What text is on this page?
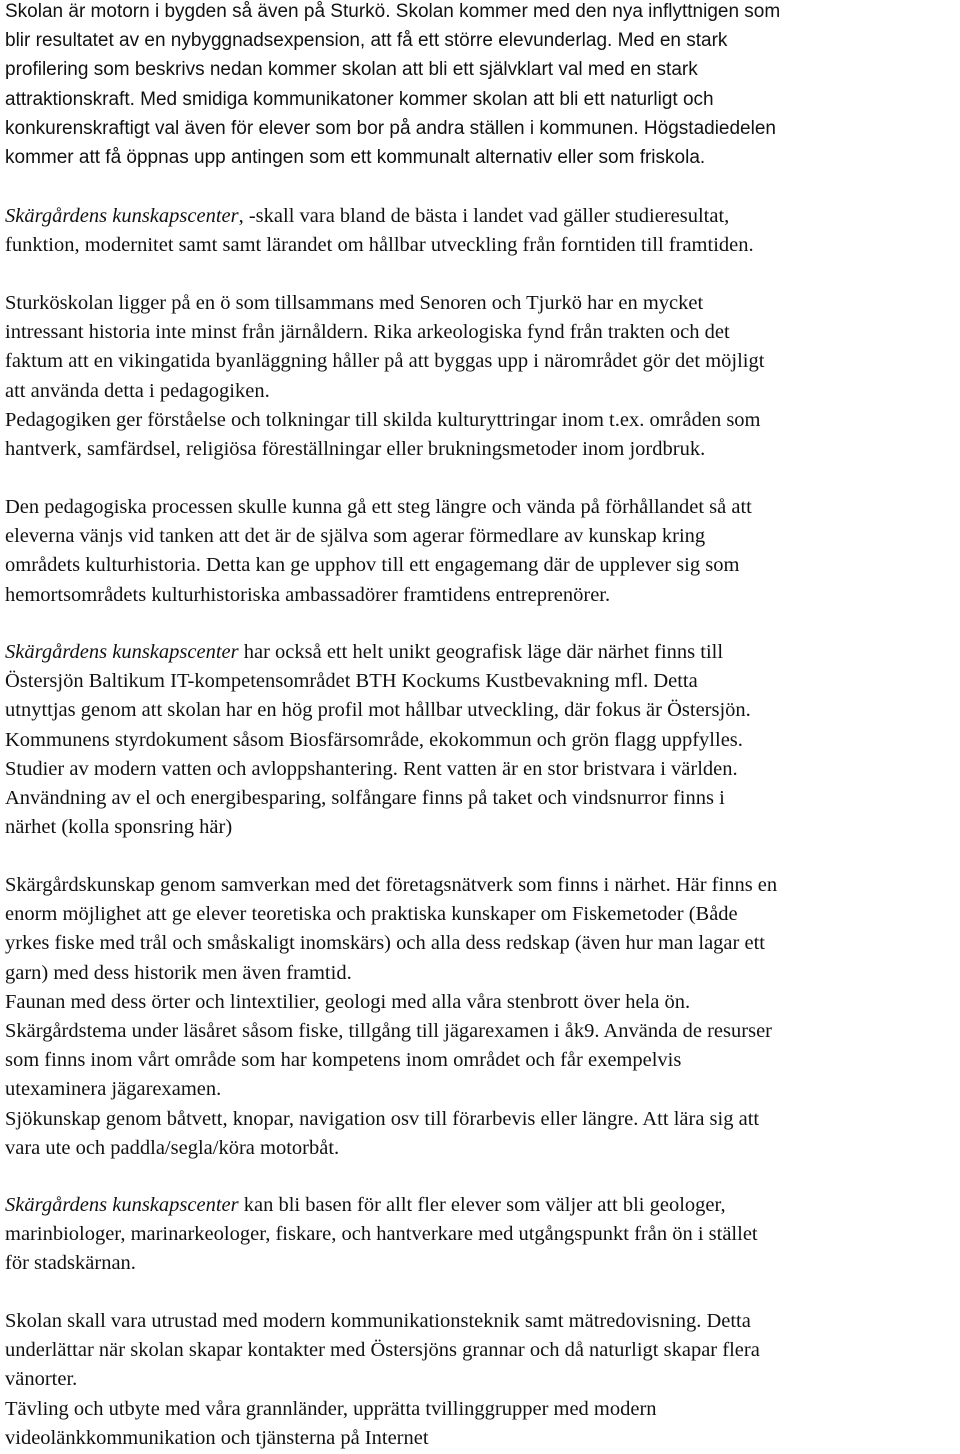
Skolan är motorn i bygden så även på Sturkö. Skolan kommer med den nya inflyttnigen som
blir resultatet av en nybyggnadsexpension, att få ett större elevunderlag. Med en stark
profilering som beskrivs nedan kommer skolan att bli ett självklart val med en stark
attraktionskraft. Med smidiga kommunikatoner kommer skolan att bli ett naturligt och
konkurenskraftigt val även för elever som bor på andra ställen i kommunen. Högstadiedelen
kommer att få öppnas upp antingen som ett kommunalt alternativ eller som friskola.
Skärgårdens kunskapscenter, -skall vara bland de bästa i landet vad gäller studieresultat,
funktion, modernitet samt samt lärandet om hållbar utveckling från forntiden till framtiden.
Sturköskolan ligger på en ö som tillsammans med Senoren och Tjurkö har en mycket
intressant historia inte minst från järnåldern. Rika arkeologiska fynd från trakten och det
faktum att en vikingatida byanläggning håller på att byggas upp i närområdet gör det möjligt
att använda detta i pedagogiken.
Pedagogiken ger förståelse och tolkningar till skilda kulturyttringar inom t.ex. områden som
hantverk, samfärdsel, religiösa föreställningar eller brukningsmetoder inom jordbruk.
Den pedagogiska processen skulle kunna gå ett steg längre och vända på förhållandet så att
eleverna vänjs vid tanken att det är de själva som agerar förmedlare av kunskap kring
områdets kulturhistoria. Detta kan ge upphov till ett engagemang där de upplever sig som
hemortsområdets kulturhistoriska ambassadörer framtidens entreprenörer.
Skärgårdens kunskapscenter har också ett helt unikt geografisk läge där närhet finns till
Östersjön Baltikum IT-kompetensområdet BTH Kockums Kustbevakning mfl. Detta
utnyttjas genom att skolan har en hög profil mot hållbar utveckling, där fokus är Östersjön.
Kommunens styrdokument såsom Biosfärsområde, ekokommun och grön flagg uppfylles.
Studier av modern vatten och avloppshantering. Rent vatten är en stor bristvara i världen.
Användning av el och energibesparing, solfångare finns på taket och vindsnurror finns i
närhet (kolla sponsring här)
Skärgårdskunskap genom samverkan med det företagsnätverk som finns i närhet. Här finns en
enorm möjlighet att ge elever teoretiska och praktiska kunskaper om Fiskemetoder (Både
yrkes fiske med trål och småskaligt inomskärs) och alla dess redskap (även hur man lagar ett
garn) med dess historik men även framtid.
Faunan med dess örter och lintextilier, geologi med alla våra stenbrott över hela ön.
Skärgårdstema under läsåret såsom fiske, tillgång till jägarexamen i åk9. Använda de resurser
som finns inom vårt område som har kompetens inom området och får exempelvis
utexaminera jägarexamen.
Sjökunskap genom båtvett, knopar, navigation osv till förarbevis eller längre. Att lära sig att
vara ute och paddla/segla/köra motorbåt.
Skärgårdens kunskapscenter kan bli basen för allt fler elever som väljer att bli geologer,
marinbiologer, marinarkeologer, fiskare, och hantverkare med utgångspunkt från ön i stället
för stadskärnan.
Skolan skall vara utrustad med modern kommunikationsteknik samt mätredovisning. Detta
underlättar när skolan skapar kontakter med Östersjöns grannar och då naturligt skapar flera
vänorter.
Tävling och utbyte med våra grannländer, upprätta tvillinggrupper med modern
videolänkkommunikation och tjänsterna på Internet
